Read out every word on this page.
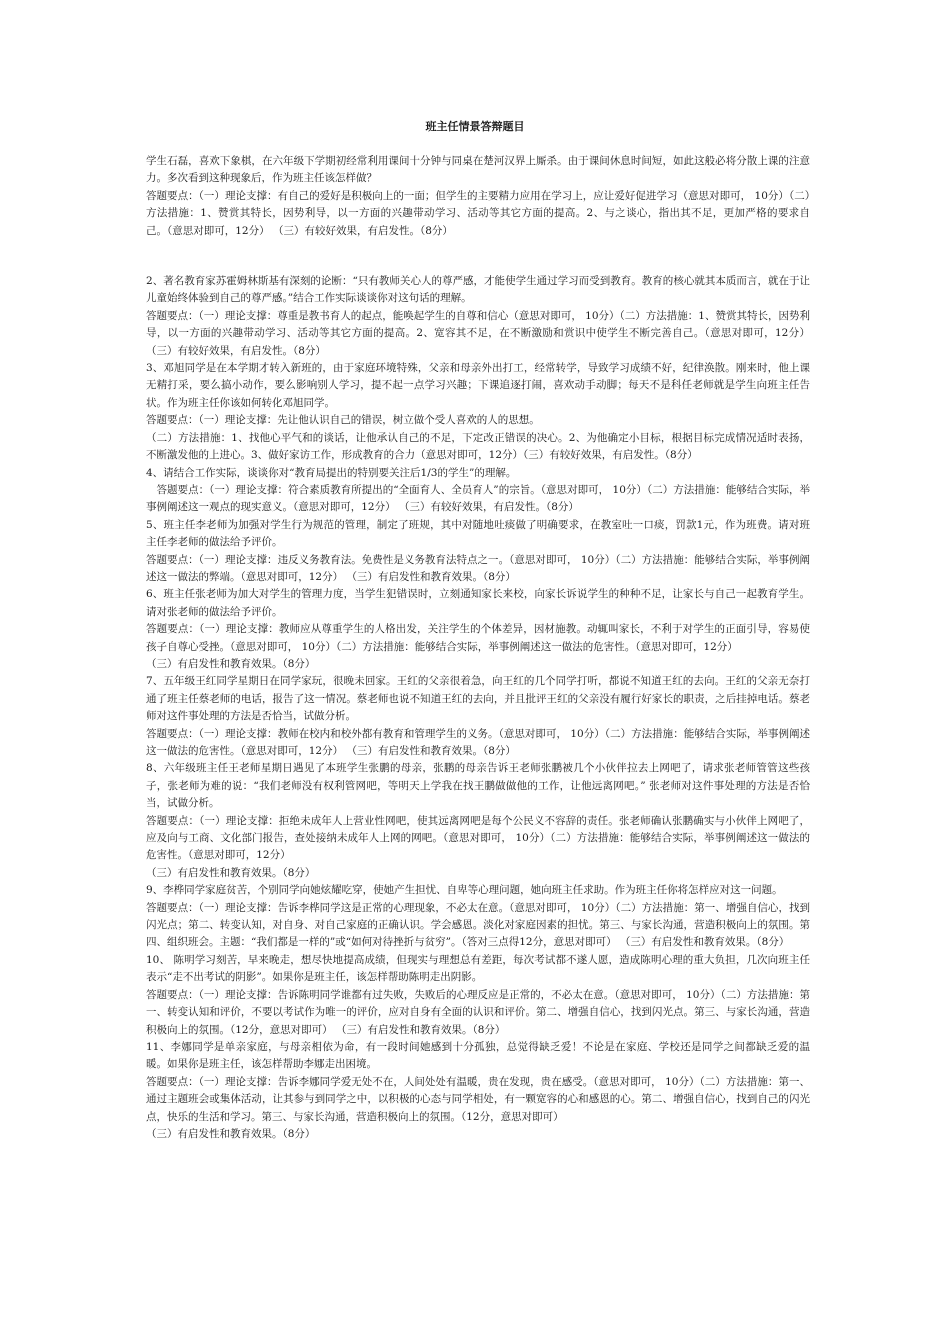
班主任情景答辩题目

学生石磊，喜欢下象棋，在六年级下学期初经常利用课间十分钟与同桌在楚河汉界上厮杀。由于课间休息时间短，如此这般必将分散上课的注意力。多次看到这种现象后，作为班主任该怎样做？

答题要点：（一）理论支撑：有自己的爱好是积极向上的一面；但学生的主要精力应用在学习上，应让爱好促进学习（意思对即可， 10分）（二）方法措施：1、赞赏其特长，因势利导，以一方面的兴趣带动学习、活动等其它方面的提高。2、与之谈心，指出其不足，更加严格的要求自己。（意思对即可，12分） （三）有较好效果，有启发性。（8分）

2、著名教育家苏霍姆林斯基有深刻的论断：“只有教师关心人的尊严感，才能使学生通过学习而受到教育。教育的核心就其本质而言，就在于让儿童始终体验到自己的尊严感。”结合工作实际谈谈你对这句话的理解。

答题要点：（一）理论支撑：尊重是教书育人的起点，能唤起学生的自尊和信心（意思对即可， 10分）（二）方法措施：1、赞赏其特长，因势利导，以一方面的兴趣带动学习、活动等其它方面的提高。2、宽容其不足，在不断激励和赏识中使学生不断完善自己。（意思对即可，12分） （三）有较好效果，有启发性。（8分）

3、邓旭同学是在本学期才转入新班的，由于家庭环境特殊，父亲和母亲外出打工，经常转学，导致学习成绩不好，纪律涣散。刚来时，他上课无精打采，要么搞小动作，要么影响别人学习，提不起一点学习兴趣；下课追逐打闹，喜欢动手动脚；每天不是科任老师就是学生向班主任告状。作为班主任你该如何转化邓旭同学。

答题要点：（一）理论支撑：先让他认识自己的错误，树立做个受人喜欢的人的思想。

（二）方法措施：1、找他心平气和的谈话，让他承认自己的不足，下定改正错误的决心。2、为他确定小目标，根据目标完成情况适时表扬，不断激发他的上进心。3、做好家访工作，形成教育的合力（意思对即可，12分）（三）有较好效果，有启发性。（8分）

4、请结合工作实际，谈谈你对“教育局提出的特别要关注后1/3的学生”的理解。

　答题要点：（一）理论支撑：符合素质教育所提出的“全面育人、全员育人”的宗旨。（意思对即可， 10分）（二）方法措施：能够结合实际，举事例阐述这一观点的现实意义。（意思对即可，12分） （三）有较好效果，有启发性。（8分）

5、班主任李老师为加强对学生行为规范的管理，制定了班规，其中对随地吐痰做了明确要求，在教室吐一口痰，罚款1元，作为班费。请对班主任李老师的做法给予评价。

答题要点：（一）理论支撑：违反义务教育法。免费性是义务教育法特点之一。（意思对即可， 10分）（二）方法措施：能够结合实际，举事例阐述这一做法的弊端。（意思对即可，12分） （三）有启发性和教育效果。（8分）

6、班主任张老师为加大对学生的管理力度，当学生犯错误时，立刻通知家长来校，向家长诉说学生的种种不足，让家长与自己一起教育学生。请对张老师的做法给予评价。

答题要点：（一）理论支撑：教师应从尊重学生的人格出发，关注学生的个体差异，因材施教。动辄叫家长，不利于对学生的正面引导，容易使孩子自尊心受挫。（意思对即可， 10分）（二）方法措施：能够结合实际，举事例阐述这一做法的危害性。（意思对即可，12分）

（三）有启发性和教育效果。（8分）

7、五年级王红同学星期日在同学家玩，很晚未回家。王红的父亲很着急，向王红的几个同学打听，都说不知道王红的去向。王红的父亲无奈打通了班主任蔡老师的电话，报告了这一情况。蔡老师也说不知道王红的去向，并且批评王红的父亲没有履行好家长的职责，之后挂掉电话。蔡老师对这件事处理的方法是否恰当，试做分析。

答题要点：（一）理论支撑：教师在校内和校外都有教育和管理学生的义务。（意思对即可， 10分）（二）方法措施：能够结合实际，举事例阐述这一做法的危害性。（意思对即可，12分） （三）有启发性和教育效果。（8分）

8、六年级班主任王老师星期日遇见了本班学生张鹏的母亲，张鹏的母亲告诉王老师张鹏被几个小伙伴拉去上网吧了，请求张老师管管这些孩子，张老师为难的说：“我们老师没有权利管网吧，等明天上学我在找王鹏做做他的工作，让他远离网吧。” 张老师对这件事处理的方法是否恰当，试做分析。

答题要点：（一）理论支撑：拒绝未成年人上营业性网吧，使其远离网吧是每个公民义不容辞的责任。张老师确认张鹏确实与小伙伴上网吧了，应及向与工商、文化部门报告，查处接纳未成年人上网的网吧。（意思对即可， 10分）（二）方法措施：能够结合实际，举事例阐述这一做法的危害性。（意思对即可，12分）

（三）有启发性和教育效果。（8分）

9、李桦同学家庭贫苦，个别同学向她炫耀吃穿，使她产生担忧、自卑等心理问题，她向班主任求助。作为班主任你将怎样应对这一问题。

答题要点：（一）理论支撑：告诉李桦同学这是正常的心理现象，不必太在意。（意思对即可， 10分）（二）方法措施：第一、增强自信心，找到闪光点；第二、转变认知，对自身、对自己家庭的正确认识。学会感恩。淡化对家庭因素的担忧。第三、与家长沟通，营造积极向上的氛围。第四、组织班会。主题：“我们都是一样的”或“如何对待挫折与贫穷”。（答对三点得12分，意思对即可） （三）有启发性和教育效果。（8分）

10、 陈明学习刻苦，早来晚走，想尽快地提高成绩，但现实与理想总有差距，每次考试都不遂人愿，造成陈明心理的重大负担，几次向班主任表示“走不出考试的阴影”。如果你是班主任，该怎样帮助陈明走出阴影。

答题要点：（一）理论支撑：告诉陈明同学谁都有过失败，失败后的心理反应是正常的，不必太在意。（意思对即可， 10分）（二）方法措施：第一、转变认知和评价，不要以考试作为唯一的评价，应对自身有全面的认识和评价。第二、增强自信心，找到闪光点。第三、与家长沟通，营造积极向上的氛围。（12分，意思对即可） （三）有启发性和教育效果。（8分）

11、李娜同学是单亲家庭，与母亲相依为命，有一段时间她感到十分孤独，总觉得缺乏爱！不论是在家庭、学校还是同学之间都缺乏爱的温暖。如果你是班主任，该怎样帮助李娜走出困境。

答题要点：（一）理论支撑：告诉李娜同学爱无处不在，人间处处有温暖，贵在发现，贵在感受。（意思对即可， 10分）（二）方法措施：第一、通过主题班会或集体活动，让其参与到同学之中，以积极的心态与同学相处，有一颗宽容的心和感恩的心。第二、增强自信心，找到自己的闪光点，快乐的生活和学习。第三、与家长沟通，营造积极向上的氛围。（12分，意思对即可）

（三）有启发性和教育效果。（8分）
